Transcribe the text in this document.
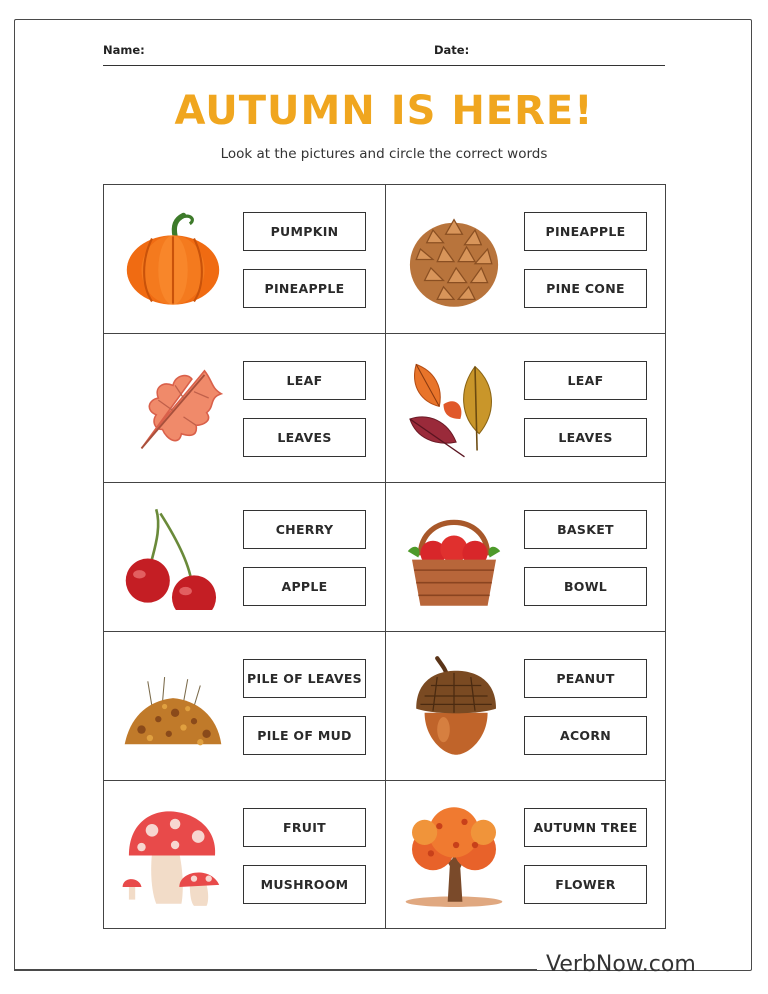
Name:	Date:
AUTUMN IS HERE!
Look at the pictures and circle the correct words
PUMPKIN
PINEAPPLE
PINEAPPLE
PINE CONE
LEAF
LEAVES
LEAF
LEAVES
CHERRY
APPLE
BASKET
BOWL
PILE OF LEAVES
PILE OF MUD
PEANUT
ACORN
FRUIT
MUSHROOM
AUTUMN TREE
FLOWER
VerbNow.com
